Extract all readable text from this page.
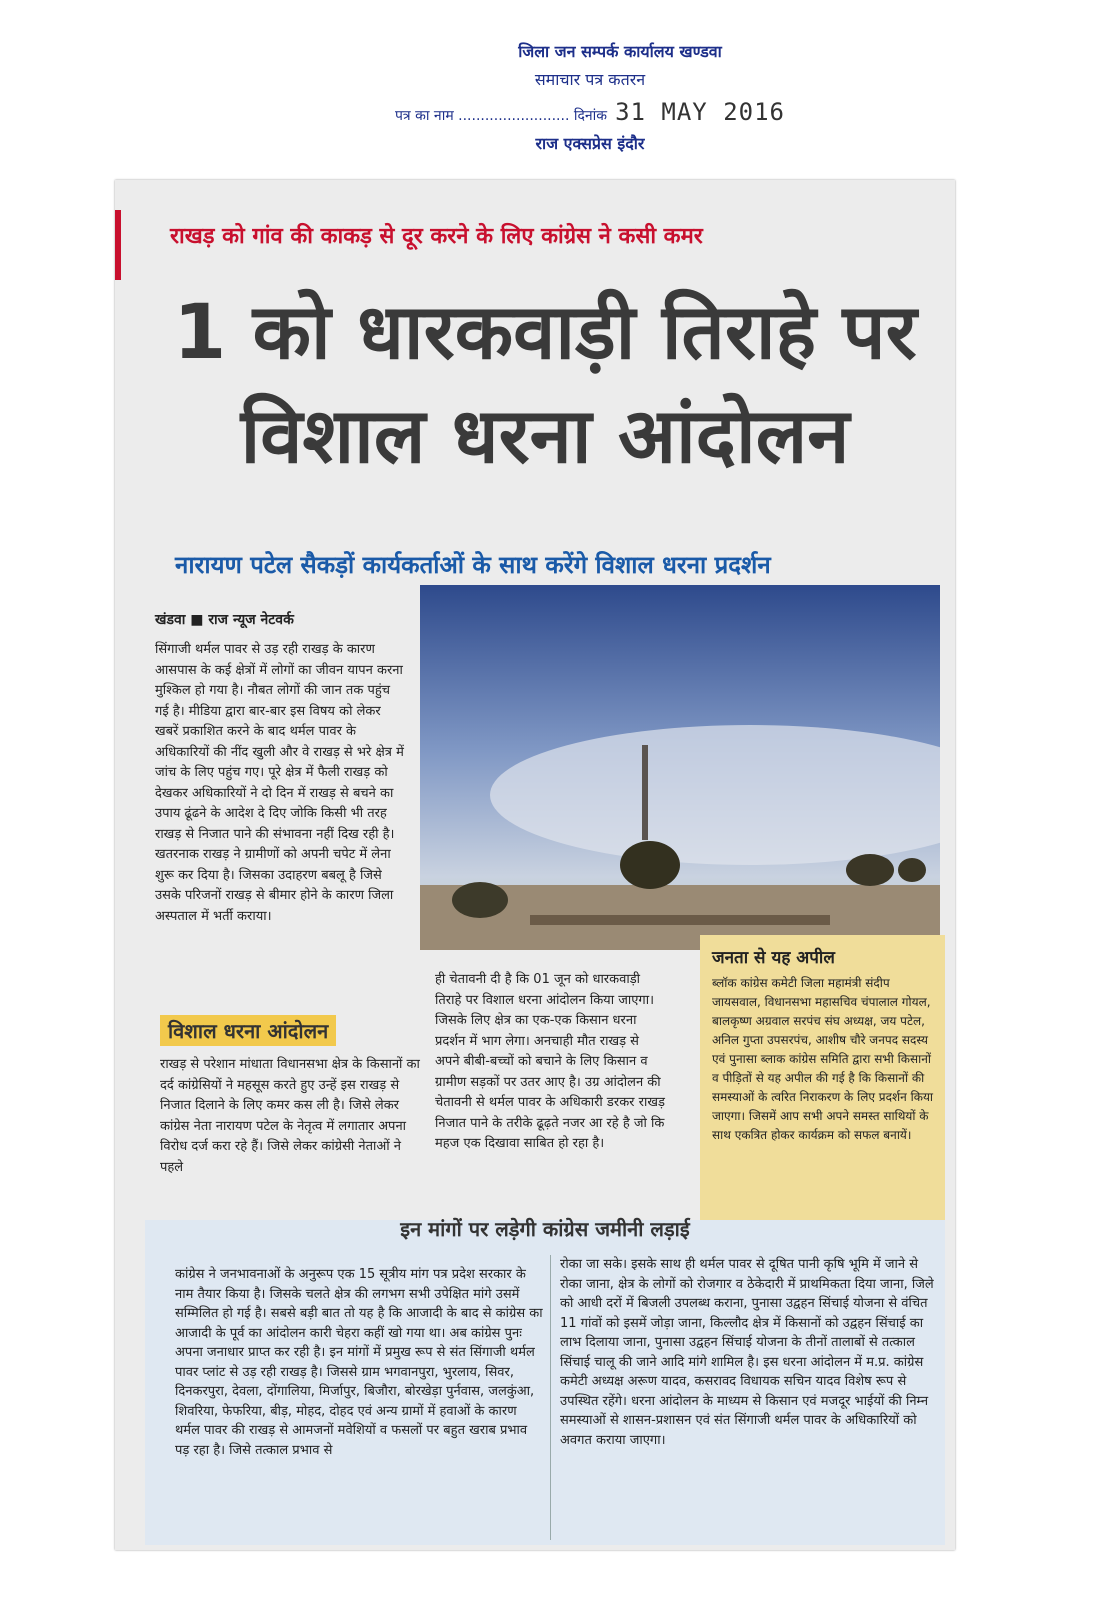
जिला जन सम्पर्क कार्यालय खण्डवा
समाचार पत्र कतरन
पत्र का नाम ......................... दिनांक 31 MAY 2016
राज एक्सप्रेस इंदौर
राखड़ को गांव की काकड़ से दूर करने के लिए कांग्रेस ने कसी कमर
1 को धारकवाड़ी तिराहे पर
विशाल धरना आंदोलन
नारायण पटेल सैकड़ों कार्यकर्ताओं के साथ करेंगे विशाल धरना प्रदर्शन
खंडवा ■ राज न्यूज नेटवर्क
सिंगाजी थर्मल पावर से उड़ रही राखड़ के कारण आसपास के कई क्षेत्रों में लोगों का जीवन यापन करना मुश्किल हो गया है। नौबत लोगों की जान तक पहुंच गई है। मीडिया द्वारा बार-बार इस विषय को लेकर खबरें प्रकाशित करने के बाद थर्मल पावर के अधिकारियों की नींद खुली और वे राखड़ से भरे क्षेत्र में जांच के लिए पहुंच गए। पूरे क्षेत्र में फैली राखड़ को देखकर अधिकारियों ने दो दिन में राखड़ से बचने का उपाय ढूंढने के आदेश दे दिए जोकि किसी भी तरह राखड़ से निजात पाने की संभावना नहीं दिख रही है। खतरनाक राखड़ ने ग्रामीणों को अपनी चपेट में लेना शुरू कर दिया है। जिसका उदाहरण बबलू है जिसे उसके परिजनों राखड़ से बीमार होने के कारण जिला अस्पताल में भर्ती कराया।
ही चेतावनी दी है कि 01 जून को धारकवाड़ी तिराहे पर विशाल धरना आंदोलन किया जाएगा। जिसके लिए क्षेत्र का एक-एक किसान धरना प्रदर्शन में भाग लेगा। अनचाही मौत राखड़ से अपने बीबी-बच्चों को बचाने के लिए किसान व ग्रामीण सड़कों पर उतर आए है। उग्र आंदोलन की चेतावनी से थर्मल पावर के अधिकारी डरकर राखड़ निजात पाने के तरीके ढूढ़ते नजर आ रहे है जो कि महज एक दिखावा साबित हो रहा है।
जनता से यह अपील
ब्लॉक कांग्रेस कमेटी जिला महामंत्री संदीप जायसवाल, विधानसभा महासचिव चंपालाल गोयल, बालकृष्ण अग्रवाल सरपंच संघ अध्यक्ष, जय पटेल, अनिल गुप्ता उपसरपंच, आशीष चौरे जनपद सदस्य एवं पुनासा ब्लाक कांग्रेस समिति द्वारा सभी किसानों व पीड़ितों से यह अपील की गई है कि किसानों की समस्याओं के त्वरित निराकरण के लिए प्रदर्शन किया जाएगा। जिसमें आप सभी अपने समस्त साथियों के साथ एकत्रित होकर कार्यक्रम को सफल बनायें।
विशाल धरना आंदोलन
राखड़ से परेशान मांधाता विधानसभा क्षेत्र के किसानों का दर्द कांग्रेसियों ने महसूस करते हुए उन्हें इस राखड़ से निजात दिलाने के लिए कमर कस ली है। जिसे लेकर कांग्रेस नेता नारायण पटेल के नेतृत्व में लगातार अपना विरोध दर्ज करा रहे हैं। जिसे लेकर कांग्रेसी नेताओं ने पहले
इन मांगों पर लड़ेगी कांग्रेस जमीनी लड़ाई
कांग्रेस ने जनभावनाओं के अनुरूप एक 15 सूत्रीय मांग पत्र प्रदेश सरकार के नाम तैयार किया है। जिसके चलते क्षेत्र की लगभग सभी उपेक्षित मांगे उसमें सम्मिलित हो गई है। सबसे बड़ी बात तो यह है कि आजादी के बाद से कांग्रेस का आजादी के पूर्व का आंदोलन कारी चेहरा कहीं खो गया था। अब कांग्रेस पुनः अपना जनाधार प्राप्त कर रही है। इन मांगों में प्रमुख रूप से संत सिंगाजी थर्मल पावर प्लांट से उड़ रही राखड़ है। जिससे ग्राम भगवानपुरा, भुरलाय, सिवर, दिनकरपुरा, देवला, दोंगालिया, मिर्जापुर, बिजौरा, बोरखेड़ा पुर्नवास, जलकुंआ, शिवरिया, फेफरिया, बीड़, मोहद, दोहद एवं अन्य ग्रामों में हवाओं के कारण थर्मल पावर की राखड़ से आमजनों मवेशियों व फसलों पर बहुत खराब प्रभाव पड़ रहा है। जिसे तत्काल प्रभाव से
रोका जा सके। इसके साथ ही थर्मल पावर से दूषित पानी कृषि भूमि में जाने से रोका जाना, क्षेत्र के लोगों को रोजगार व ठेकेदारी में प्राथमिकता दिया जाना, जिले को आधी दरों में बिजली उपलब्ध कराना, पुनासा उद्वहन सिंचाई योजना से वंचित 11 गांवों को इसमें जोड़ा जाना, किल्लौद क्षेत्र में किसानों को उद्वहन सिंचाई का लाभ दिलाया जाना, पुनासा उद्वहन सिंचाई योजना के तीनों तालाबों से तत्काल सिंचाई चालू की जाने आदि मांगे शामिल है। इस धरना आंदोलन में म.प्र. कांग्रेस कमेटी अध्यक्ष अरूण यादव, कसरावद विधायक सचिन यादव विशेष रूप से उपस्थित रहेंगे। धरना आंदोलन के माध्यम से किसान एवं मजदूर भाईयों की निम्न समस्याओं से शासन-प्रशासन एवं संत सिंगाजी थर्मल पावर के अधिकारियों को अवगत कराया जाएगा।
